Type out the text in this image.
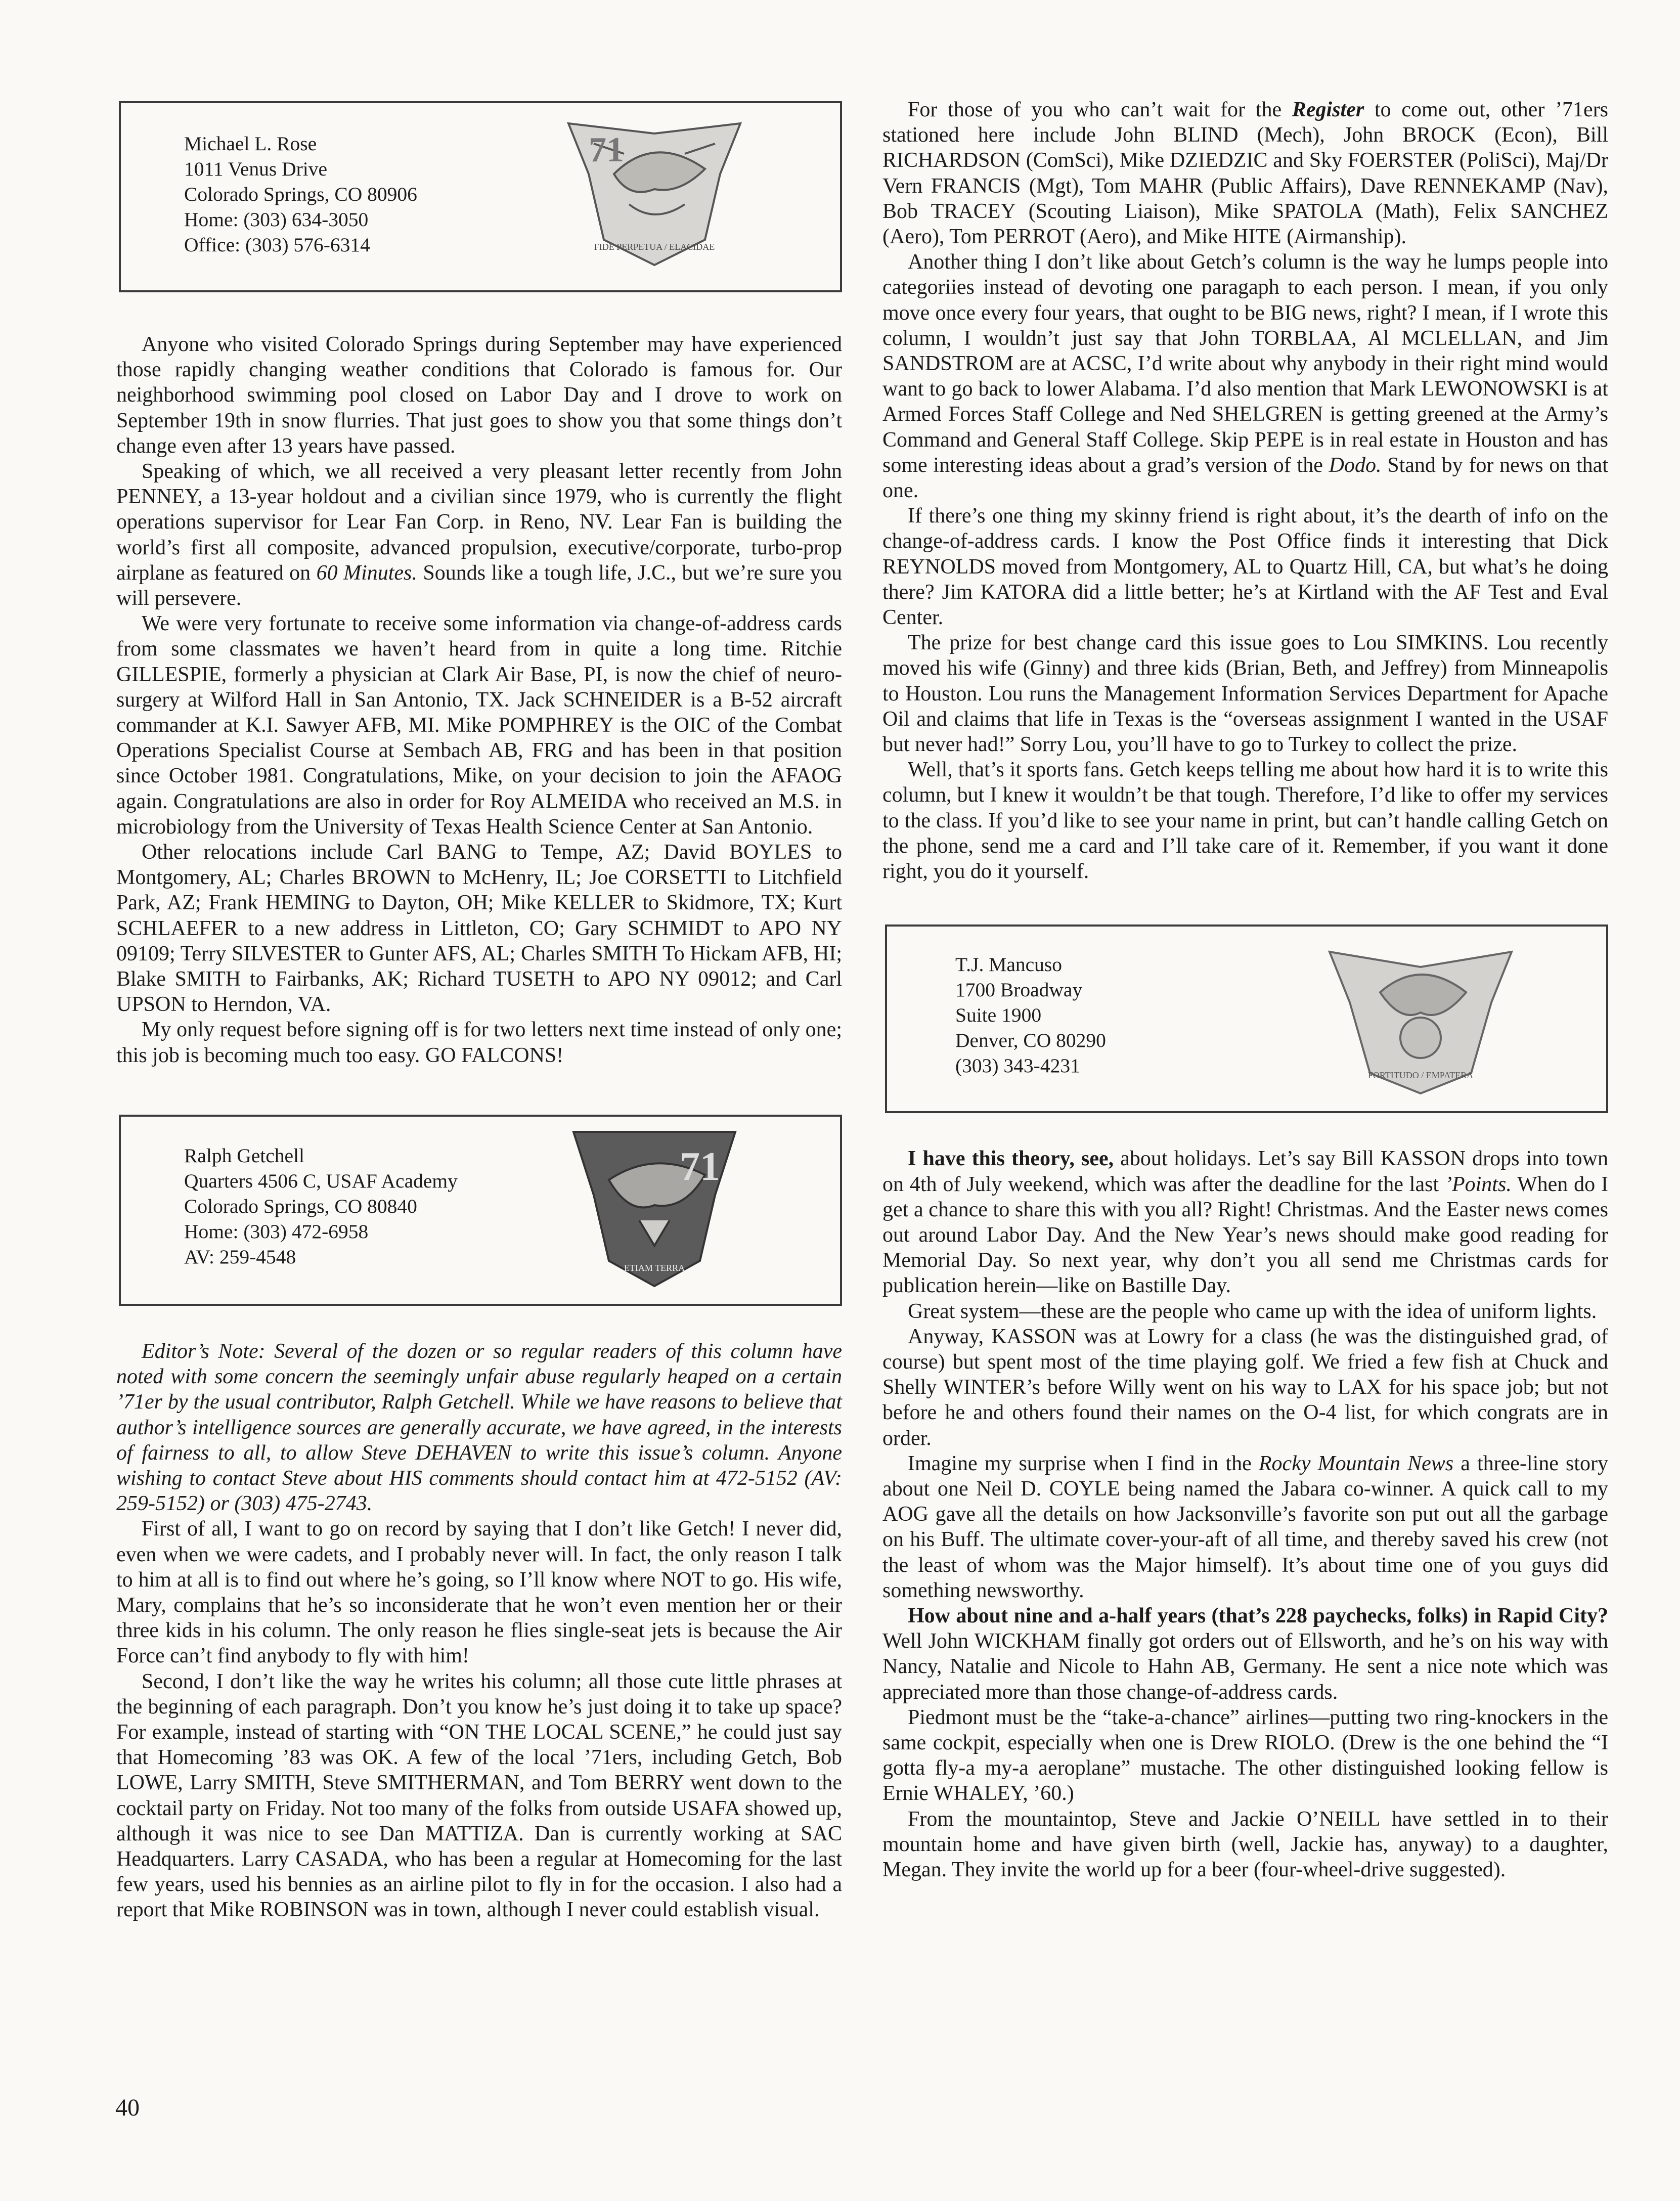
Michael L. Rose
1011 Venus Drive
Colorado Springs, CO 80906
Home: (303) 634-3050
Office: (303) 576-6314
71
FIDE PERPETUA / ELACIDAE

Anyone who visited Colorado Springs during September may have experienced those rapidly changing weather conditions that Colorado is famous for. Our neighborhood swimming pool closed on Labor Day and I drove to work on September 19th in snow flurries. That just goes to show you that some things don’t change even after 13 years have passed.

Speaking of which, we all received a very pleasant letter recently from John PENNEY, a 13-year holdout and a civilian since 1979, who is currently the flight operations supervisor for Lear Fan Corp. in Reno, NV. Lear Fan is building the world’s first all composite, advanced propulsion, executive/corporate, turbo-prop airplane as featured on 60 Minutes. Sounds like a tough life, J.C., but we’re sure you will persevere.

We were very fortunate to receive some information via change-of-address cards from some classmates we haven’t heard from in quite a long time. Ritchie GILLESPIE, formerly a physician at Clark Air Base, PI, is now the chief of neuro-surgery at Wilford Hall in San Antonio, TX. Jack SCHNEIDER is a B-52 aircraft commander at K.I. Sawyer AFB, MI. Mike POMPHREY is the OIC of the Combat Operations Specialist Course at Sembach AB, FRG and has been in that position since October 1981. Congratulations, Mike, on your decision to join the AFAOG again. Congratulations are also in order for Roy ALMEIDA who received an M.S. in microbiology from the University of Texas Health Science Center at San Antonio.

Other relocations include Carl BANG to Tempe, AZ; David BOYLES to Montgomery, AL; Charles BROWN to McHenry, IL; Joe CORSETTI to Litchfield Park, AZ; Frank HEMING to Dayton, OH; Mike KELLER to Skidmore, TX; Kurt SCHLAEFER to a new address in Littleton, CO; Gary SCHMIDT to APO NY 09109; Terry SILVESTER to Gunter AFS, AL; Charles SMITH To Hickam AFB, HI; Blake SMITH to Fairbanks, AK; Richard TUSETH to APO NY 09012; and Carl UPSON to Herndon, VA.

My only request before signing off is for two letters next time instead of only one; this job is becoming much too easy. GO FALCONS!

Ralph Getchell
Quarters 4506 C, USAF Academy
Colorado Springs, CO 80840
Home: (303) 472-6958
AV: 259-4548
71
ETIAM TERRA

Editor’s Note: Several of the dozen or so regular readers of this column have noted with some concern the seemingly unfair abuse regularly heaped on a certain ’71er by the usual contributor, Ralph Getchell. While we have reasons to believe that author’s intelligence sources are generally accurate, we have agreed, in the interests of fairness to all, to allow Steve DEHAVEN to write this issue’s column. Anyone wishing to contact Steve about HIS comments should contact him at 472-5152 (AV: 259-5152) or (303) 475-2743.

First of all, I want to go on record by saying that I don’t like Getch! I never did, even when we were cadets, and I probably never will. In fact, the only reason I talk to him at all is to find out where he’s going, so I’ll know where NOT to go. His wife, Mary, complains that he’s so inconsiderate that he won’t even mention her or their three kids in his column. The only reason he flies single-seat jets is because the Air Force can’t find anybody to fly with him!

Second, I don’t like the way he writes his column; all those cute little phrases at the beginning of each paragraph. Don’t you know he’s just doing it to take up space? For example, instead of starting with “ON THE LOCAL SCENE,” he could just say that Homecoming ’83 was OK. A few of the local ’71ers, including Getch, Bob LOWE, Larry SMITH, Steve SMITHERMAN, and Tom BERRY went down to the cocktail party on Friday. Not too many of the folks from outside USAFA showed up, although it was nice to see Dan MATTIZA. Dan is currently working at SAC Headquarters. Larry CASADA, who has been a regular at Homecoming for the last few years, used his bennies as an airline pilot to fly in for the occasion. I also had a report that Mike ROBINSON was in town, although I never could establish visual.

For those of you who can’t wait for the Register to come out, other ’71ers stationed here include John BLIND (Mech), John BROCK (Econ), Bill RICHARDSON (ComSci), Mike DZIEDZIC and Sky FOERSTER (PoliSci), Maj/Dr Vern FRANCIS (Mgt), Tom MAHR (Public Affairs), Dave RENNEKAMP (Nav), Bob TRACEY (Scouting Liaison), Mike SPATOLA (Math), Felix SANCHEZ (Aero), Tom PERROT (Aero), and Mike HITE (Airmanship).

Another thing I don’t like about Getch’s column is the way he lumps people into categoriies instead of devoting one paragaph to each person. I mean, if you only move once every four years, that ought to be BIG news, right? I mean, if I wrote this column, I wouldn’t just say that John TORBLAA, Al MCLELLAN, and Jim SANDSTROM are at ACSC, I’d write about why anybody in their right mind would want to go back to lower Alabama. I’d also mention that Mark LEWONOWSKI is at Armed Forces Staff College and Ned SHELGREN is getting greened at the Army’s Command and General Staff College. Skip PEPE is in real estate in Houston and has some interesting ideas about a grad’s version of the Dodo. Stand by for news on that one.

If there’s one thing my skinny friend is right about, it’s the dearth of info on the change-of-address cards. I know the Post Office finds it interesting that Dick REYNOLDS moved from Montgomery, AL to Quartz Hill, CA, but what’s he doing there? Jim KATORA did a little better; he’s at Kirtland with the AF Test and Eval Center.

The prize for best change card this issue goes to Lou SIMKINS. Lou recently moved his wife (Ginny) and three kids (Brian, Beth, and Jeffrey) from Minneapolis to Houston. Lou runs the Management Information Services Department for Apache Oil and claims that life in Texas is the “overseas assignment I wanted in the USAF but never had!” Sorry Lou, you’ll have to go to Turkey to collect the prize.

Well, that’s it sports fans. Getch keeps telling me about how hard it is to write this column, but I knew it wouldn’t be that tough. Therefore, I’d like to offer my services to the class. If you’d like to see your name in print, but can’t handle calling Getch on the phone, send me a card and I’ll take care of it. Remember, if you want it done right, you do it yourself.

T.J. Mancuso
1700 Broadway
Suite 1900
Denver, CO 80290
(303) 343-4231	FORTITUDO / EMPATERA

I have this theory, see, about holidays. Let’s say Bill KASSON drops into town on 4th of July weekend, which was after the deadline for the last ’Points. When do I get a chance to share this with you all? Right! Christmas. And the Easter news comes out around Labor Day. And the New Year’s news should make good reading for Memorial Day. So next year, why don’t you all send me Christmas cards for publication herein—like on Bastille Day.

Great system—these are the people who came up with the idea of uniform lights.

Anyway, KASSON was at Lowry for a class (he was the distinguished grad, of course) but spent most of the time playing golf. We fried a few fish at Chuck and Shelly WINTER’s before Willy went on his way to LAX for his space job; but not before he and others found their names on the O-4 list, for which congrats are in order.

Imagine my surprise when I find in the Rocky Mountain News a three-line story about one Neil D. COYLE being named the Jabara co-winner. A quick call to my AOG gave all the details on how Jacksonville’s favorite son put out all the garbage on his Buff. The ultimate cover-your-aft of all time, and thereby saved his crew (not the least of whom was the Major himself). It’s about time one of you guys did something newsworthy.

How about nine and a-half years (that’s 228 paychecks, folks) in Rapid City? Well John WICKHAM finally got orders out of Ellsworth, and he’s on his way with Nancy, Natalie and Nicole to Hahn AB, Germany. He sent a nice note which was appreciated more than those change-of-address cards.

Piedmont must be the “take-a-chance” airlines—putting two ring-knockers in the same cockpit, especially when one is Drew RIOLO. (Drew is the one behind the “I gotta fly-a my-a aeroplane” mustache. The other distinguished looking fellow is Ernie WHALEY, ’60.)

From the mountaintop, Steve and Jackie O’NEILL have settled in to their mountain home and have given birth (well, Jackie has, anyway) to a daughter, Megan. They invite the world up for a beer (four-wheel-drive suggested).

40
